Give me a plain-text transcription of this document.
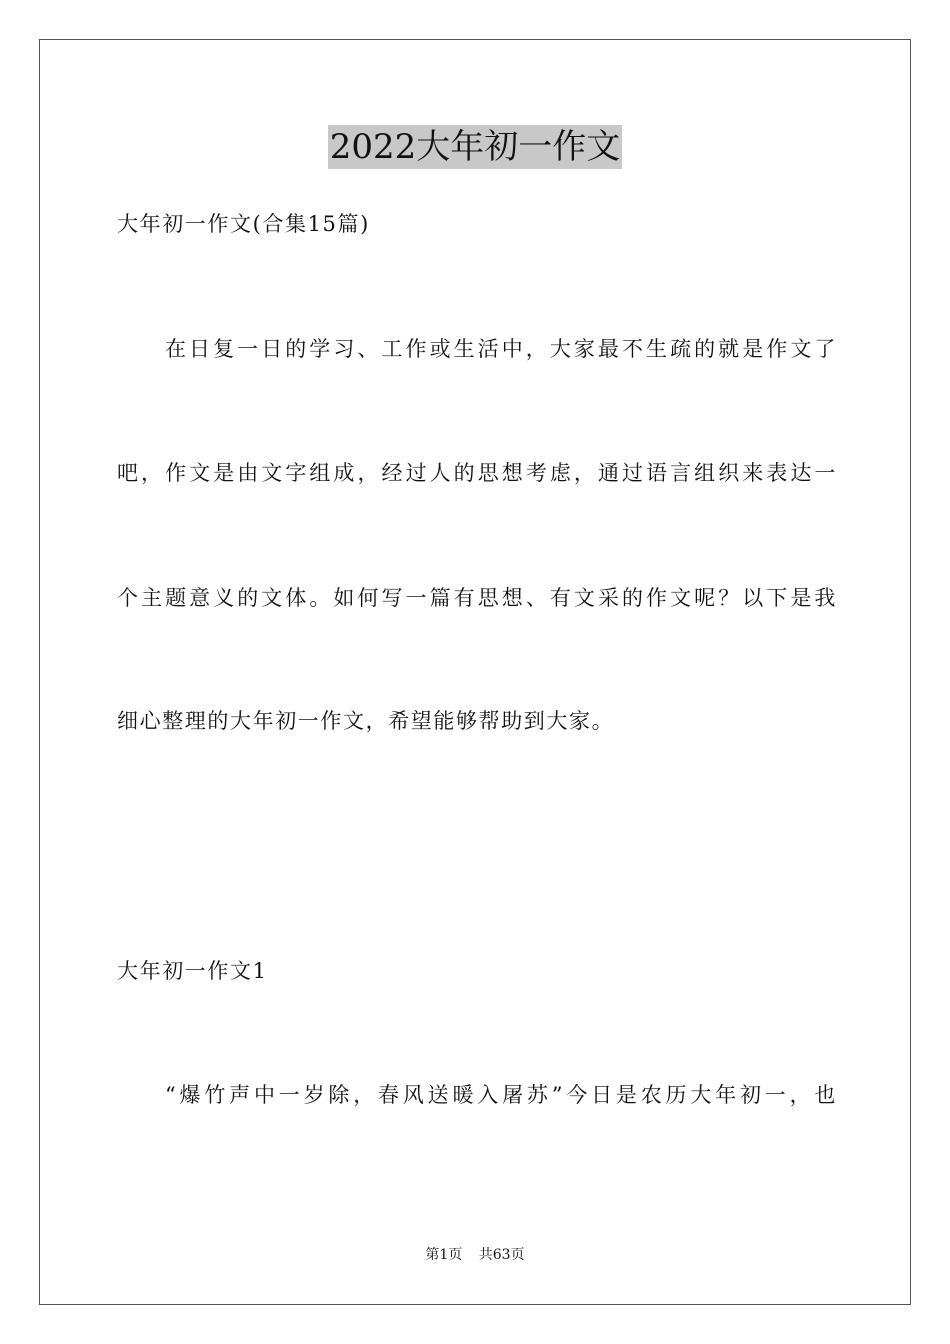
2022大年初一作文
大年初一作文(合集15篇)
在日复一日的学习、工作或生活中，大家最不生疏的就是作文了
吧，作文是由文字组成，经过人的思想考虑，通过语言组织来表达一
个主题意义的文体。如何写一篇有思想、有文采的作文呢？以下是我
细心整理的大年初一作文，希望能够帮助到大家。
大年初一作文1
“爆竹声中一岁除，春风送暖入屠苏”今日是农历大年初一，也
第1页 共63页
